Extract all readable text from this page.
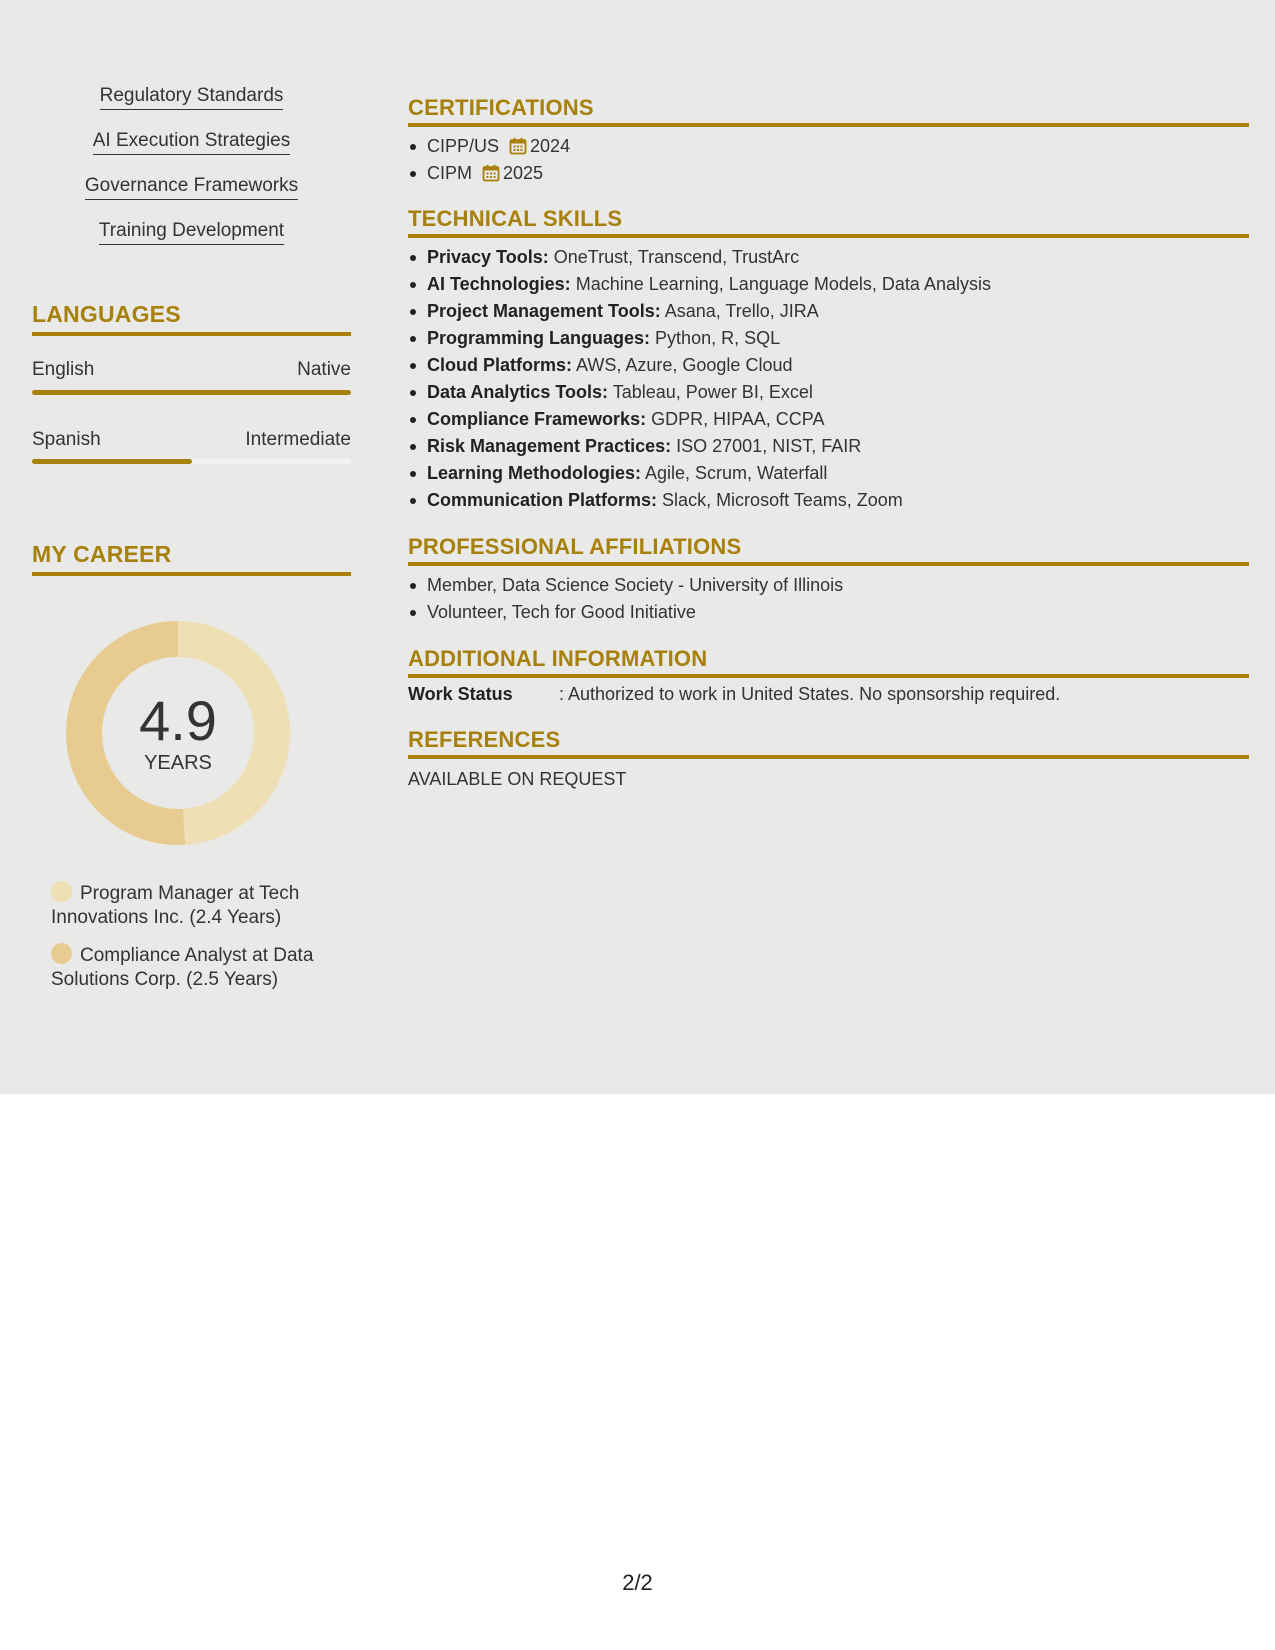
Regulatory Standards
AI Execution Strategies
Governance Frameworks
Training Development
LANGUAGES
English	Native
Spanish	Intermediate
MY CAREER
4.9
YEARS
Program Manager at Tech Innovations Inc. (2.4 Years)
Compliance Analyst at Data Solutions Corp. (2.5 Years)
CERTIFICATIONS
CIPP/US 2024
CIPM 2025
TECHNICAL SKILLS
Privacy Tools: OneTrust, Transcend, TrustArc
AI Technologies: Machine Learning, Language Models, Data Analysis
Project Management Tools: Asana, Trello, JIRA
Programming Languages: Python, R, SQL
Cloud Platforms: AWS, Azure, Google Cloud
Data Analytics Tools: Tableau, Power BI, Excel
Compliance Frameworks: GDPR, HIPAA, CCPA
Risk Management Practices: ISO 27001, NIST, FAIR
Learning Methodologies: Agile, Scrum, Waterfall
Communication Platforms: Slack, Microsoft Teams, Zoom
PROFESSIONAL AFFILIATIONS
Member, Data Science Society - University of Illinois
Volunteer, Tech for Good Initiative
ADDITIONAL INFORMATION
Work Status	: Authorized to work in United States. No sponsorship required.
REFERENCES
AVAILABLE ON REQUEST
2/2
